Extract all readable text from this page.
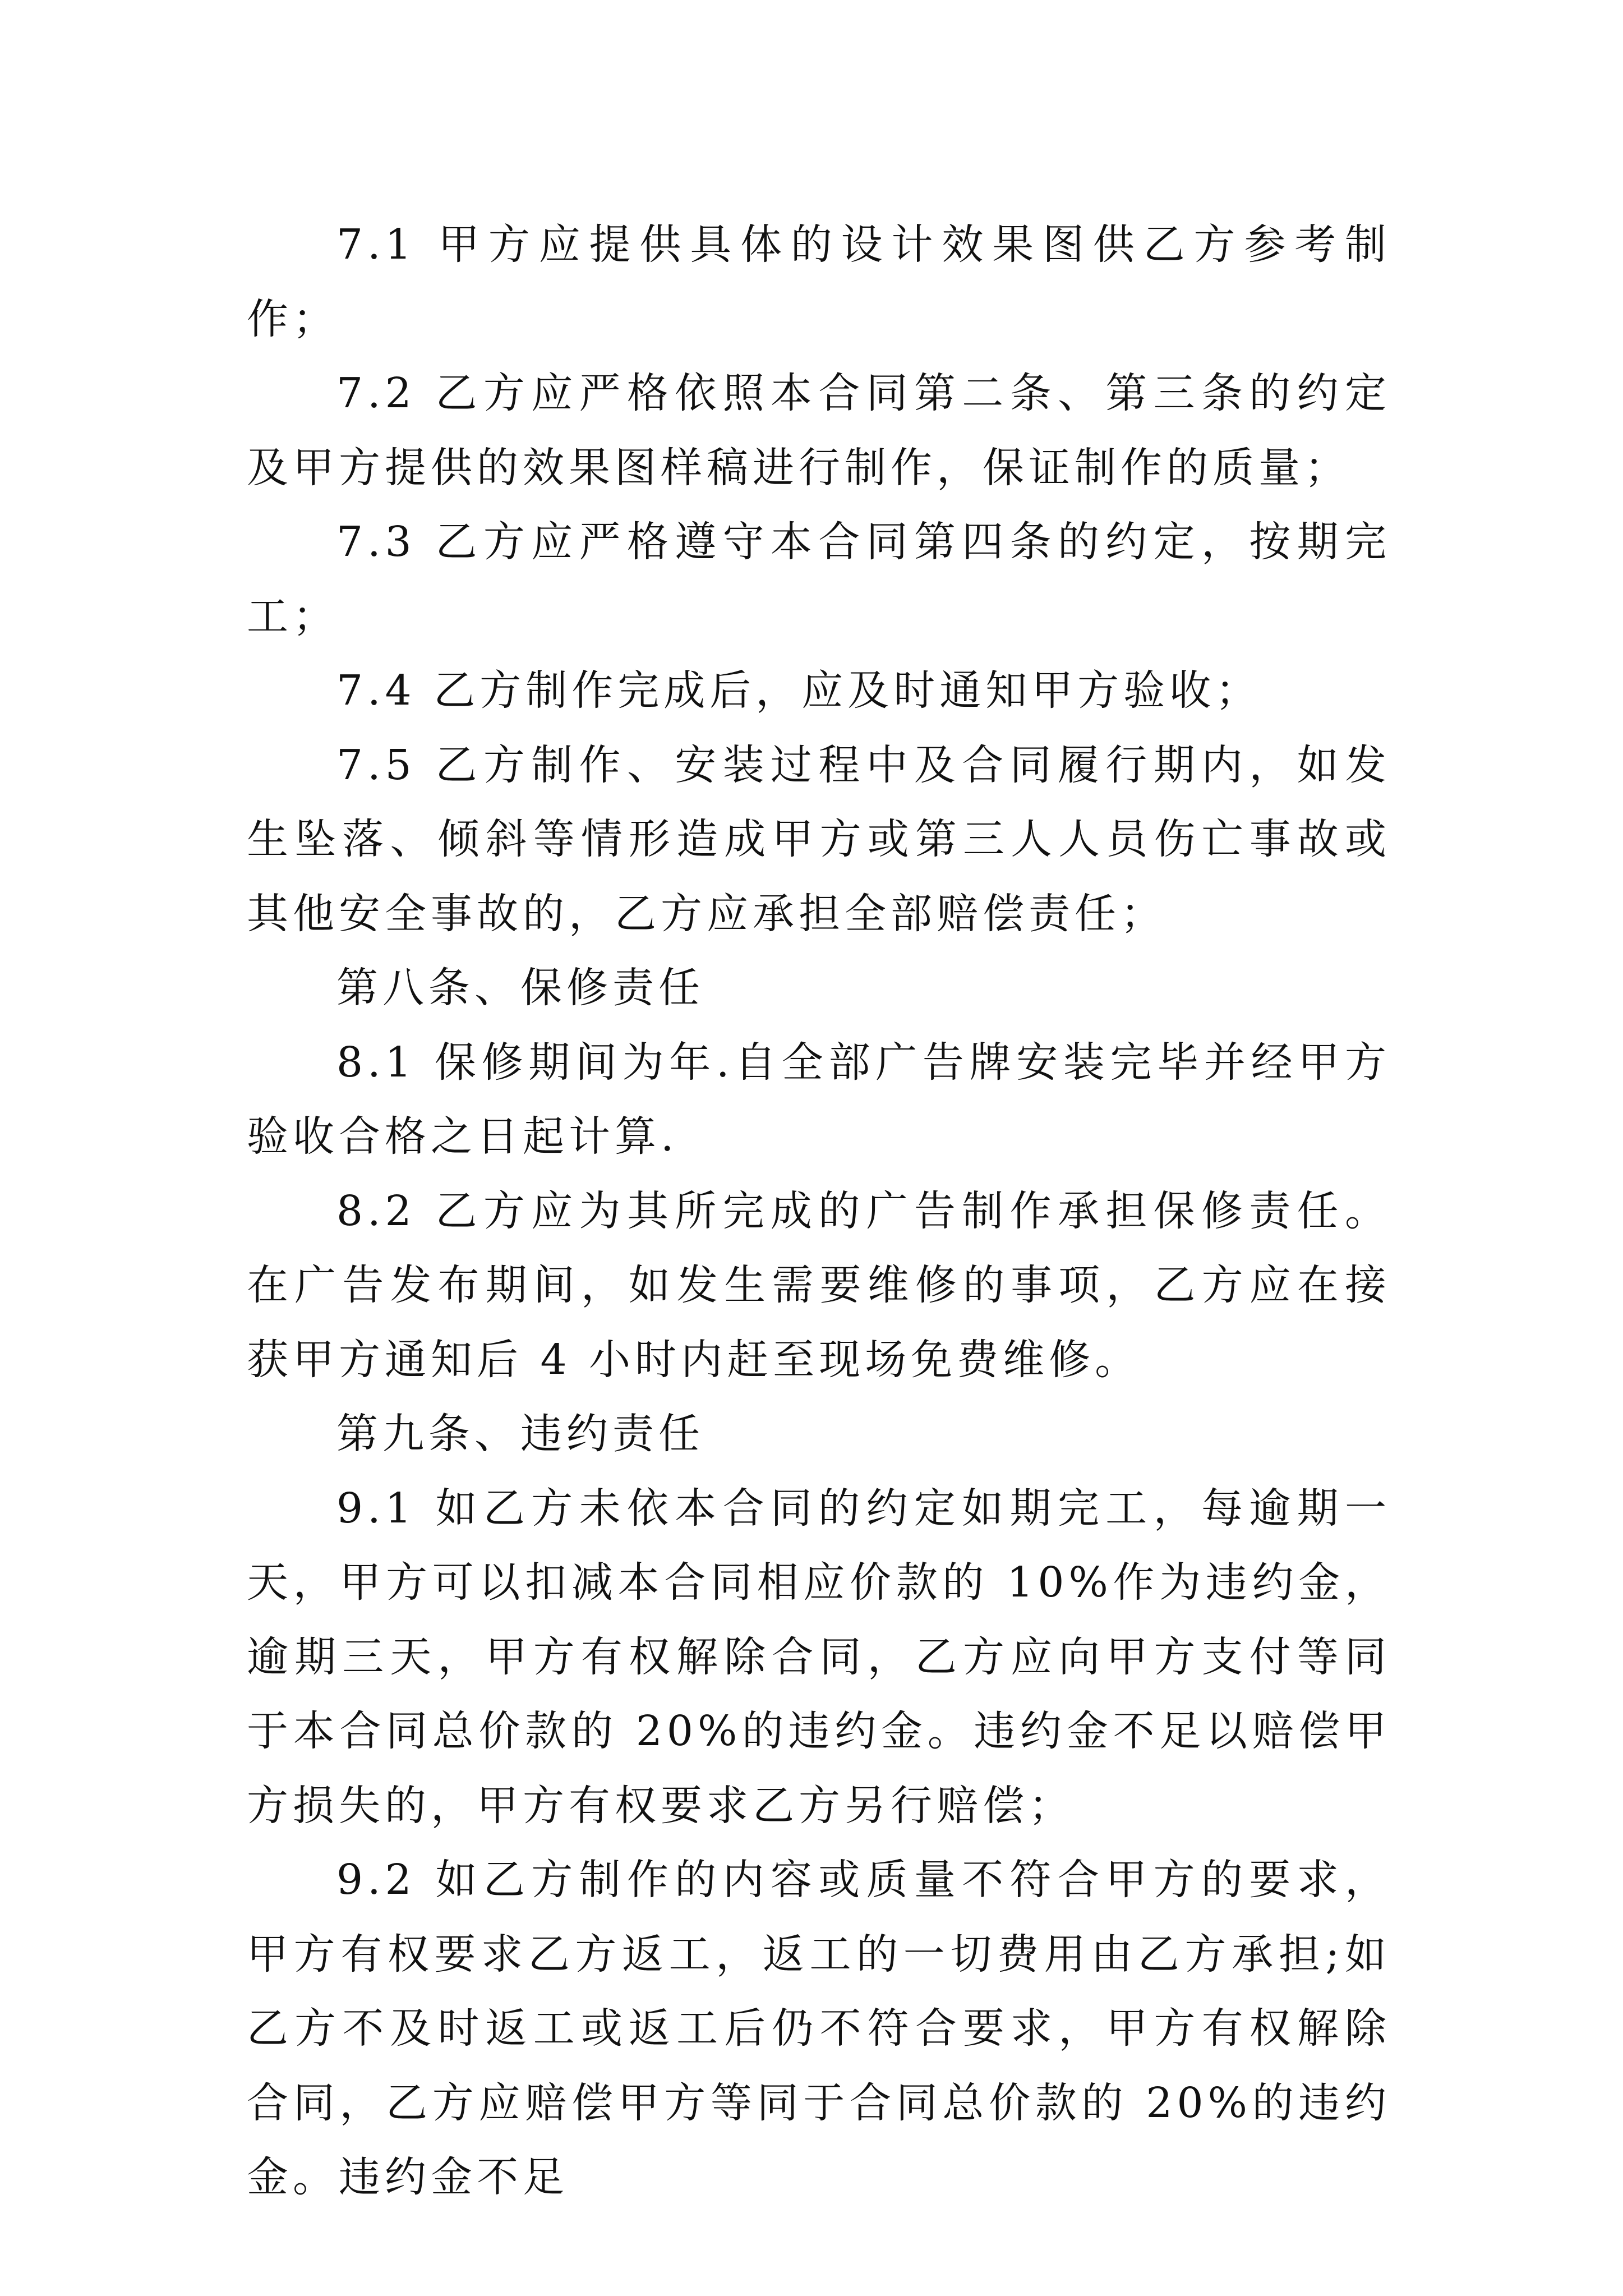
7.1 甲方应提供具体的设计效果图供乙方参考制作；

7.2 乙方应严格依照本合同第二条、第三条的约定及甲方提供的效果图样稿进行制作，保证制作的质量；

7.3 乙方应严格遵守本合同第四条的约定，按期完工；

7.4 乙方制作完成后，应及时通知甲方验收；

7.5 乙方制作、安装过程中及合同履行期内，如发生坠落、倾斜等情形造成甲方或第三人人员伤亡事故或其他安全事故的，乙方应承担全部赔偿责任；

第八条、保修责任

8.1 保修期间为年.自全部广告牌安装完毕并经甲方验收合格之日起计算.

8.2 乙方应为其所完成的广告制作承担保修责任。在广告发布期间，如发生需要维修的事项，乙方应在接获甲方通知后 4 小时内赶至现场免费维修。

第九条、违约责任

9.1 如乙方未依本合同的约定如期完工，每逾期一天，甲方可以扣减本合同相应价款的 10%作为违约金，逾期三天，甲方有权解除合同，乙方应向甲方支付等同于本合同总价款的 20%的违约金。违约金不足以赔偿甲方损失的，甲方有权要求乙方另行赔偿；

9.2 如乙方制作的内容或质量不符合甲方的要求，甲方有权要求乙方返工，返工的一切费用由乙方承担;如乙方不及时返工或返工后仍不符合要求，甲方有权解除合同，乙方应赔偿甲方等同于合同总价款的 20%的违约金。违约金不足
